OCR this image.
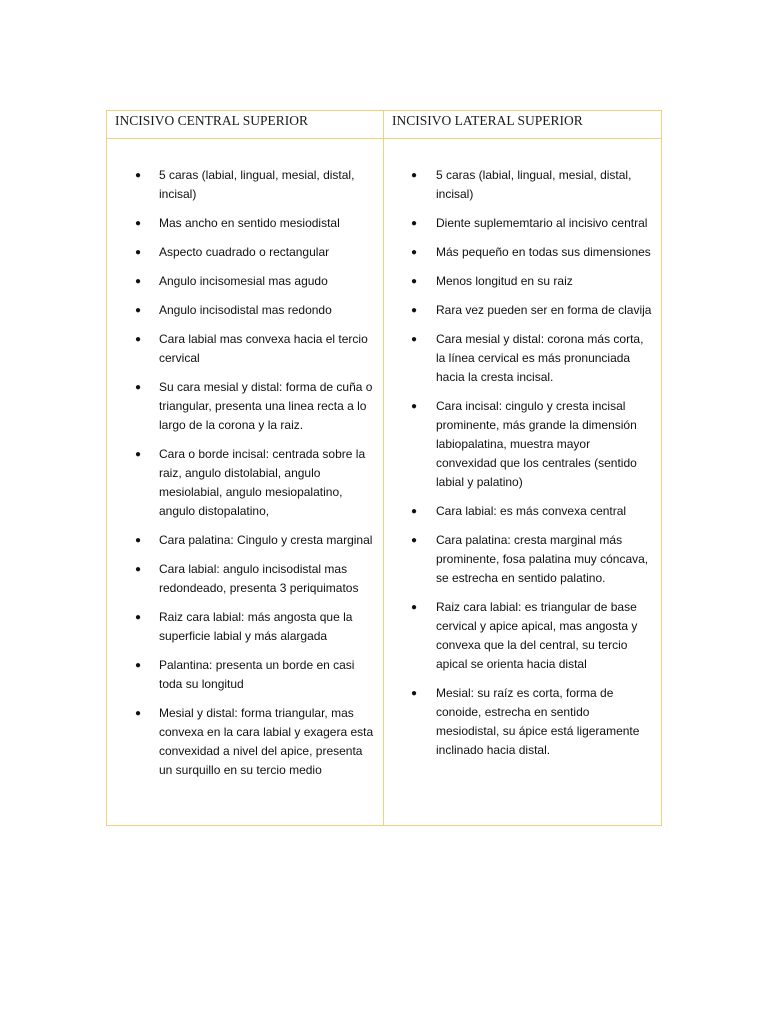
INCISIVO CENTRAL SUPERIOR	INCISIVO LATERAL SUPERIOR
● 5 caras (labial, lingual, mesial, distal, incisal)
● Mas ancho en sentido mesiodistal
● Aspecto cuadrado o rectangular
● Angulo incisomesial mas agudo
● Angulo incisodistal mas redondo
● Cara labial mas convexa hacia el tercio cervical
● Su cara mesial y distal: forma de cuña o triangular, presenta una linea recta a lo largo de la corona y la raiz.
● Cara o borde incisal: centrada sobre la raiz, angulo distolabial, angulo mesiolabial, angulo mesiopalatino, angulo distopalatino,
● Cara palatina: Cingulo y cresta marginal
● Cara labial: angulo incisodistal mas redondeado, presenta 3 periquimatos
● Raiz cara labial: más angosta que la superficie labial y más alargada
● Palantina: presenta un borde en casi toda su longitud
● Mesial y distal: forma triangular, mas convexa en la cara labial y exagera esta convexidad a nivel del apice, presenta un surquillo en su tercio medio
● 5 caras (labial, lingual, mesial, distal, incisal)
● Diente suplememtario al incisivo central
● Más pequeño en todas sus dimensiones
● Menos longitud en su raiz
● Rara vez pueden ser en forma de clavija
● Cara mesial y distal: corona más corta, la línea cervical es más pronunciada hacia la cresta incisal.
● Cara incisal: cingulo y cresta incisal prominente, más grande la dimensión labiopalatina, muestra mayor convexidad que los centrales (sentido labial y palatino)
● Cara labial: es más convexa central
● Cara palatina: cresta marginal más prominente, fosa palatina muy cóncava, se estrecha en sentido palatino.
● Raiz cara labial: es triangular de base cervical y apice apical, mas angosta y convexa que la del central, su tercio apical se orienta hacia distal
● Mesial: su raíz es corta, forma de conoide, estrecha en sentido mesiodistal, su ápice está ligeramente inclinado hacia distal.
